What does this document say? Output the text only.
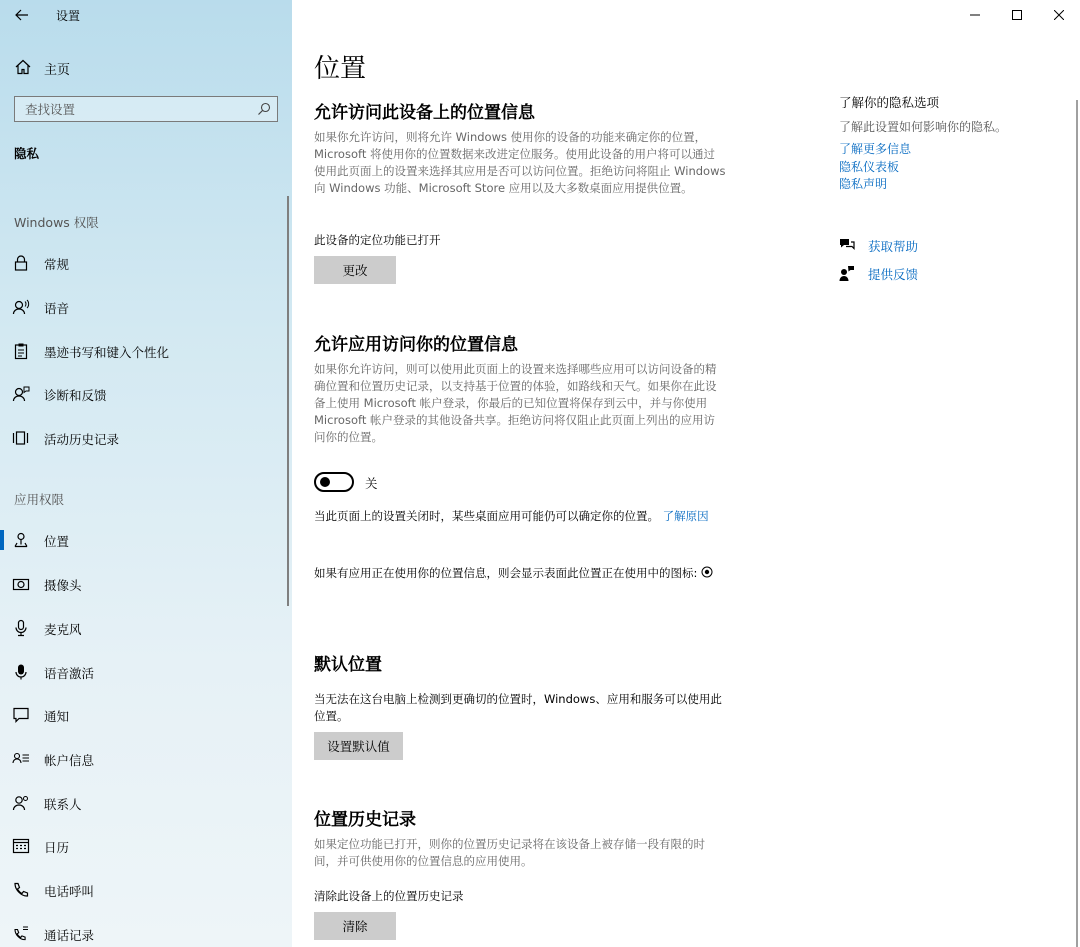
设置
主页
查找设置
隐私
Windows 权限
常规
语音
墨迹书写和键入个性化
诊断和反馈
活动历史记录
应用权限
位置
摄像头
麦克风
语音激活
通知
帐户信息
联系人
日历
电话呼叫
通话记录
位置
允许访问此设备上的位置信息

如果你允许访问，则将允许 Windows 使用你的设备的功能来确定你的位置，Microsoft 将使用你的位置数据来改进定位服务。使用此设备的用户将可以通过使用此页面上的设置来选择其应用是否可以访问位置。拒绝访问将阻止 Windows 向 Windows 功能、Microsoft Store 应用以及大多数桌面应用提供位置。

此设备的定位功能已打开
更改
允许应用访问你的位置信息

如果你允许访问，则可以使用此页面上的设置来选择哪些应用可以访问设备的精确位置和位置历史记录，以支持基于位置的体验，如路线和天气。如果你在此设备上使用 Microsoft 帐户登录，你最后的已知位置将保存到云中，并与你使用 Microsoft 帐户登录的其他设备共享。拒绝访问将仅阻止此页面上列出的应用访问你的位置。

关

当此页面上的设置关闭时，某些桌面应用可能仍可以确定你的位置。 了解原因

如果有应用正在使用你的位置信息，则会显示表面此位置正在使用中的图标:

默认位置

当无法在这台电脑上检测到更确切的位置时，Windows、应用和服务可以使用此位置。

设置默认值
位置历史记录

如果定位功能已打开，则你的位置历史记录将在该设备上被存储一段有限的时间，并可供使用你的位置信息的应用使用。

清除此设备上的位置历史记录
清除
了解你的隐私选项
了解此设置如何影响你的隐私。
了解更多信息
隐私仪表板
隐私声明
获取帮助
提供反馈
